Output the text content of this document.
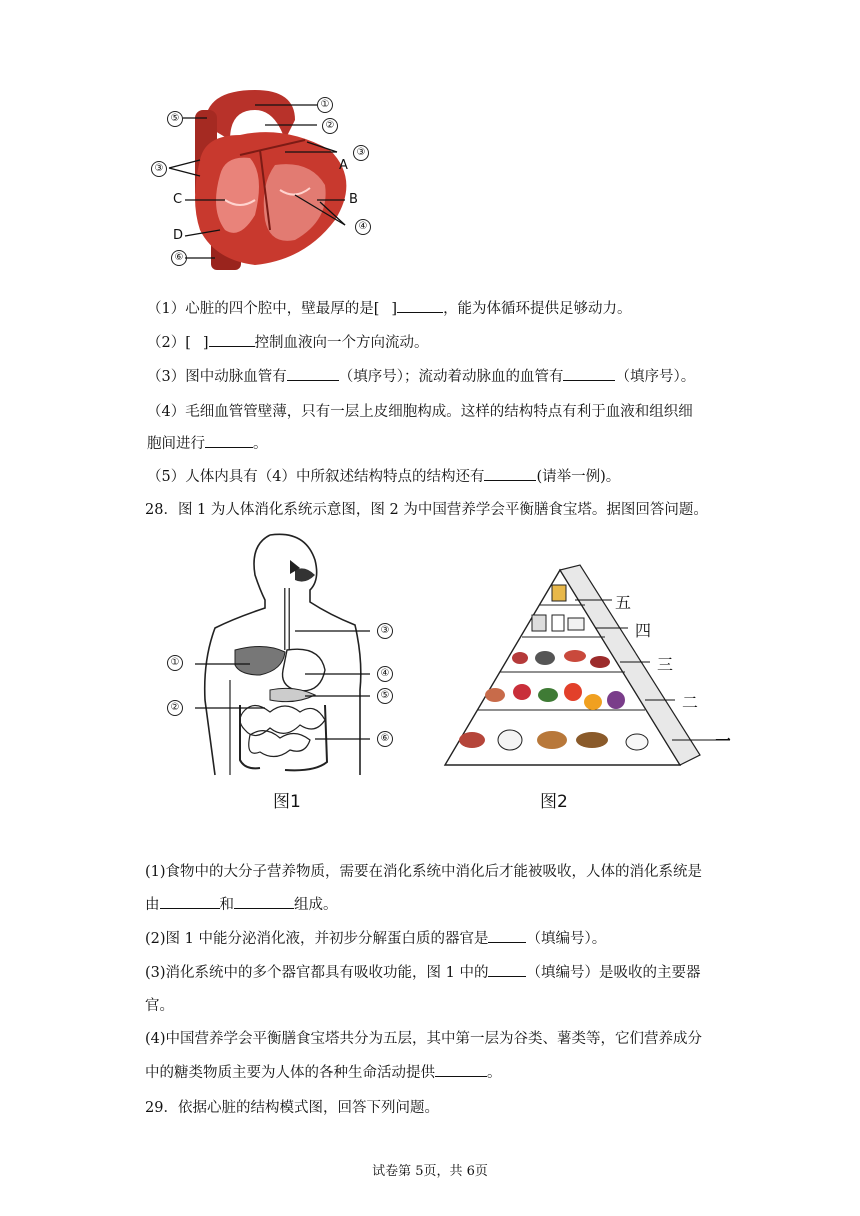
①
②
⑤
③
③
A
B
C
D
④
⑥
（1）心脏的四个腔中，壁最厚的是[ ]	，能为体循环提供足够动力。
（2）[ ]	控制血液向一个方向流动。
（3）图中动脉血管有	（填序号）；流动着动脉血的血管有	（填序号）。
（4）毛细血管管壁薄，只有一层上皮细胞构成。这样的结构特点有利于血液和组织细
胞间进行	。
（5）人体内具有（4）中所叙述结构特点的结构还有	(请举一例)。
28．图 1 为人体消化系统示意图，图 2 为中国营养学会平衡膳食宝塔。据图回答问题。
①
②
③
④
⑤
⑥
图1
五
四
三
二
一
图2
(1)食物中的大分子营养物质，需要在消化系统中消化后才能被吸收，人体的消化系统是
由	和	组成。
(2)图 1 中能分泌消化液，并初步分解蛋白质的器官是	（填编号）。
(3)消化系统中的多个器官都具有吸收功能，图 1 中的	（填编号）是吸收的主要器
官。
(4)中国营养学会平衡膳食宝塔共分为五层，其中第一层为谷类、薯类等，它们营养成分
中的糖类物质主要为人体的各种生命活动提供	。
29．依据心脏的结构模式图，回答下列问题。
试卷第 5页，共 6页
